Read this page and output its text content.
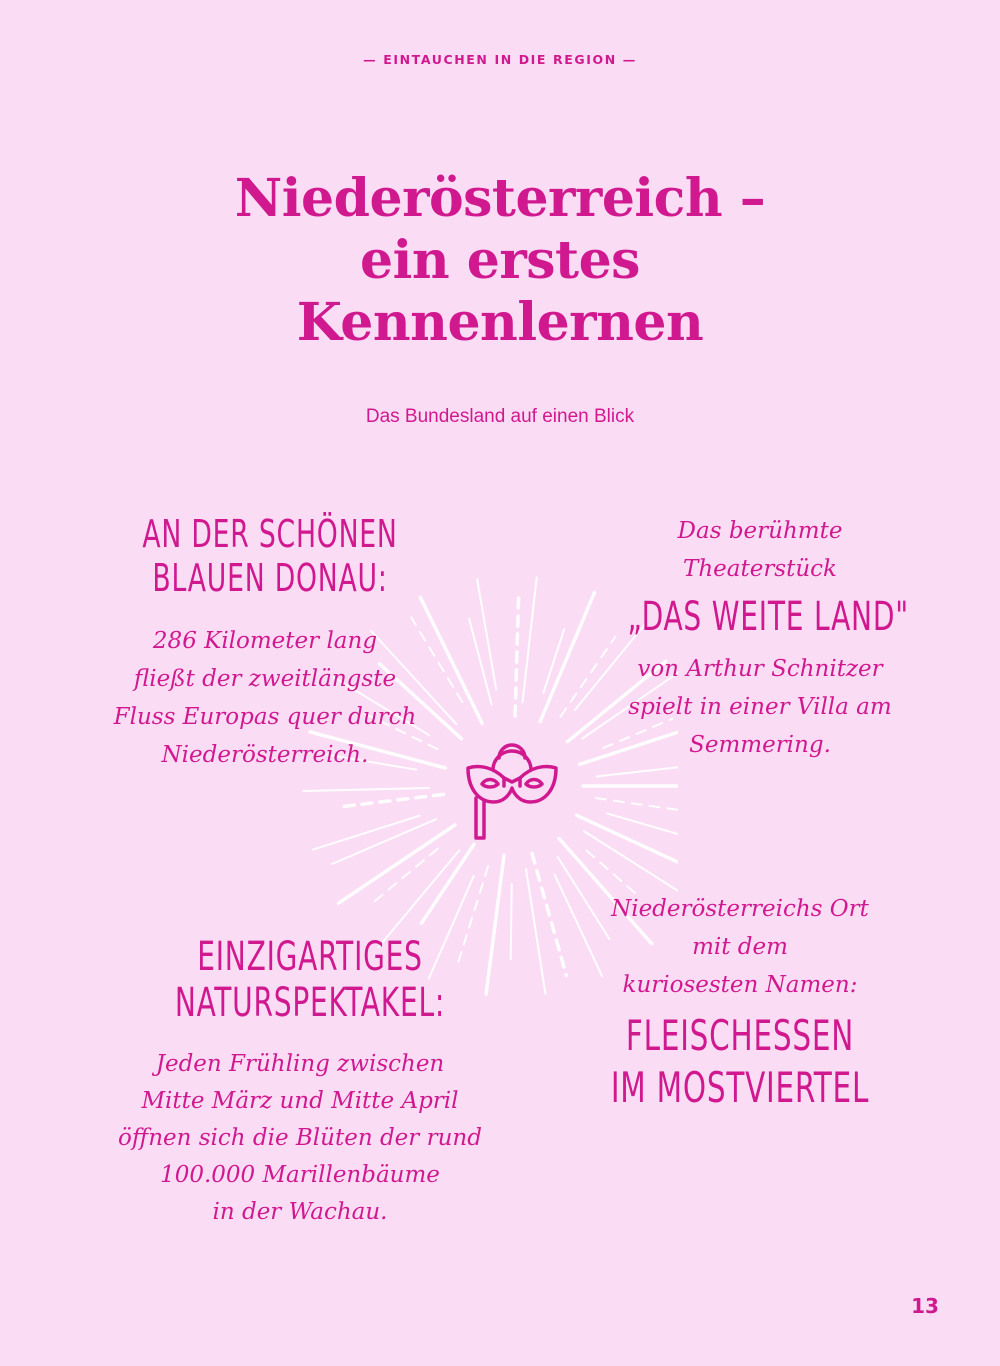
— EINTAUCHEN IN DIE REGION —
Niederösterreich –
ein erstes
Kennenlernen
Das Bundesland auf einen Blick
AN DER SCHÖNEN
BLAUEN DONAU:
286 Kilometer lang
fließt der zweitlängste
Fluss Europas quer durch
Niederösterreich.
Das berühmte
Theaterstück
„DAS WEITE LAND"
von Arthur Schnitzer
spielt in einer Villa am
Semmering.
EINZIGARTIGES
NATURSPEKTAKEL:
Jeden Frühling zwischen
Mitte März und Mitte April
öffnen sich die Blüten der rund
100.000 Marillenbäume
in der Wachau.
Niederösterreichs Ort
mit dem
kuriosesten Namen:
FLEISCHESSEN
IM MOSTVIERTEL
13
